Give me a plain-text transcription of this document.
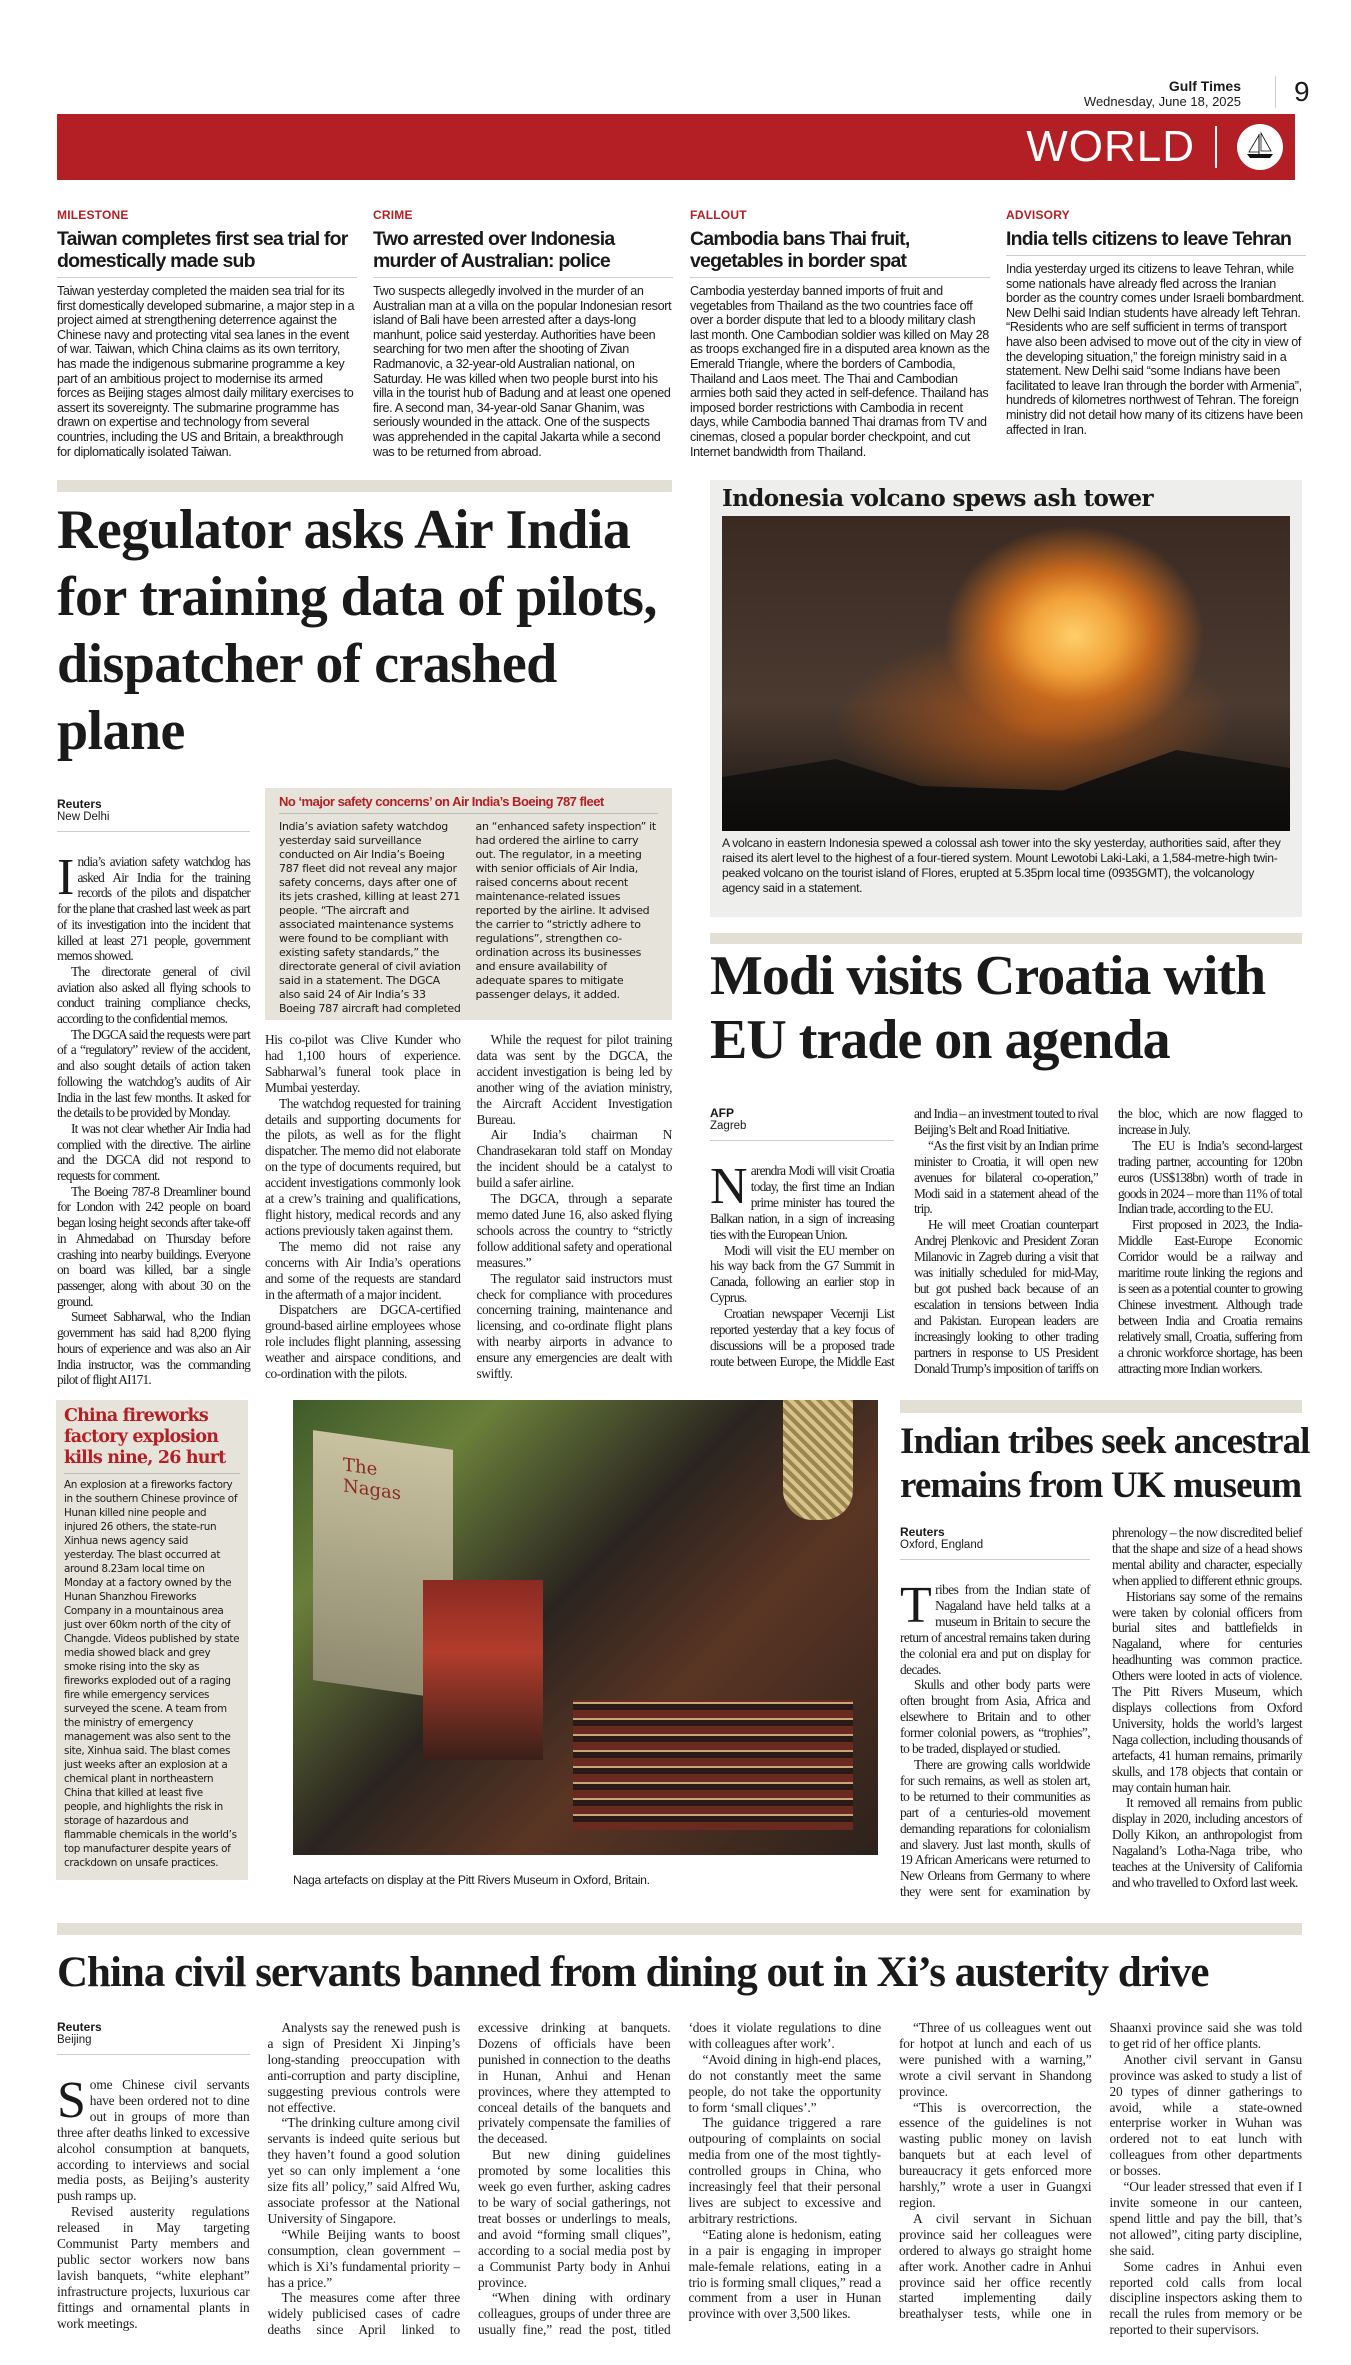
Gulf Times
Wednesday, June 18, 2025	9
WORLD
MILESTONE
Taiwan completes first sea trial for domestically made sub

Taiwan yesterday completed the maiden sea trial for its first domestically developed submarine, a major step in a project aimed at strengthening deterrence against the Chinese navy and protecting vital sea lanes in the event of war. Taiwan, which China claims as its own territory, has made the indigenous submarine programme a key part of an ambitious project to modernise its armed forces as Beijing stages almost daily military exercises to assert its sovereignty. The submarine programme has drawn on expertise and technology from several countries, including the US and Britain, a breakthrough for diplomatically isolated Taiwan.

CRIME
Two arrested over Indonesia murder of Australian: police

Two suspects allegedly involved in the murder of an Australian man at a villa on the popular Indonesian resort island of Bali have been arrested after a days-long manhunt, police said yesterday. Authorities have been searching for two men after the shooting of Zivan Radmanovic, a 32-year-old Australian national, on Saturday. He was killed when two people burst into his villa in the tourist hub of Badung and at least one opened fire. A second man, 34-year-old Sanar Ghanim, was seriously wounded in the attack. One of the suspects was apprehended in the capital Jakarta while a second was to be returned from abroad.

FALLOUT
Cambodia bans Thai fruit, vegetables in border spat

Cambodia yesterday banned imports of fruit and vegetables from Thailand as the two countries face off over a border dispute that led to a bloody military clash last month. One Cambodian soldier was killed on May 28 as troops exchanged fire in a disputed area known as the Emerald Triangle, where the borders of Cambodia, Thailand and Laos meet. The Thai and Cambodian armies both said they acted in self-defence. Thailand has imposed border restrictions with Cambodia in recent days, while Cambodia banned Thai dramas from TV and cinemas, closed a popular border checkpoint, and cut Internet bandwidth from Thailand.

ADVISORY
India tells citizens to leave Tehran

India yesterday urged its citizens to leave Tehran, while some nationals have already fled across the Iranian border as the country comes under Israeli bombardment. New Delhi said Indian students have already left Tehran. “Residents who are self sufficient in terms of transport have also been advised to move out of the city in view of the developing situation,” the foreign ministry said in a statement. New Delhi said “some Indians have been facilitated to leave Iran through the border with Armenia”, hundreds of kilometres northwest of Tehran. The foreign ministry did not detail how many of its citizens have been affected in Iran.

Regulator asks Air India for training data of pilots, dispatcher of crashed plane
Reuters
New Delhi

India’s aviation safety watchdog has asked Air India for the training records of the pilots and dispatcher for the plane that crashed last week as part of its investigation into the incident that killed at least 271 people, government memos showed.

The directorate general of civil aviation also asked all flying schools to conduct training compliance checks, according to the confidential memos.

The DGCA said the requests were part of a “regulatory” review of the accident, and also sought details of action taken following the watchdog’s audits of Air India in the last few months. It asked for the details to be provided by Monday.

It was not clear whether Air India had complied with the directive. The airline and the DGCA did not respond to requests for comment.

The Boeing 787-8 Dreamliner bound for London with 242 people on board began losing height seconds after take-off in Ahmedabad on Thursday before crashing into nearby buildings. Everyone on board was killed, bar a single passenger, along with about 30 on the ground.

Sumeet Sabharwal, who the Indian government has said had 8,200 flying hours of experience and was also an Air India instructor, was the commanding pilot of flight AI171.

No ‘major safety concerns’ on Air India’s Boeing 787 fleet

India’s aviation safety watchdog yesterday said surveillance conducted on Air India’s Boeing 787 fleet did not reveal any major safety concerns, days after one of its jets crashed, killing at least 271 people. “The aircraft and associated maintenance systems were found to be compliant with existing safety standards,” the directorate general of civil aviation said in a statement. The DGCA also said 24 of Air India’s 33 Boeing 787 aircraft had completed an “enhanced safety inspection” it had ordered the airline to carry out. The regulator, in a meeting with senior officials of Air India, raised concerns about recent maintenance-related issues reported by the airline. It advised the carrier to “strictly adhere to regulations”, strengthen co-ordination across its businesses and ensure availability of adequate spares to mitigate passenger delays, it added.

His co-pilot was Clive Kunder who had 1,100 hours of experience. Sabharwal’s funeral took place in Mumbai yesterday.

The watchdog requested for training details and supporting documents for the pilots, as well as for the flight dispatcher. The memo did not elaborate on the type of documents required, but accident investigations commonly look at a crew’s training and qualifications, flight history, medical records and any actions previously taken against them.

The memo did not raise any concerns with Air India’s operations and some of the requests are standard in the aftermath of a major incident.

Dispatchers are DGCA-certified ground-based airline employees whose role includes flight planning, assessing weather and airspace conditions, and co-ordination with the pilots.

While the request for pilot training data was sent by the DGCA, the accident investigation is being led by another wing of the aviation ministry, the Aircraft Accident Investigation Bureau.

Air India’s chairman N Chandrasekaran told staff on Monday the incident should be a catalyst to build a safer airline.

The DGCA, through a separate memo dated June 16, also asked flying schools across the country to “strictly follow additional safety and operational measures.”

The regulator said instructors must check for compliance with procedures concerning training, maintenance and licensing, and co-ordinate flight plans with nearby airports in advance to ensure any emergencies are dealt with swiftly.

Indonesia volcano spews ash tower
A volcano in eastern Indonesia spewed a colossal ash tower into the sky yesterday, authorities said, after they raised its alert level to the highest of a four-tiered system. Mount Lewotobi Laki-Laki, a 1,584-metre-high twin-peaked volcano on the tourist island of Flores, erupted at 5.35pm local time (0935GMT), the volcanology agency said in a statement.
Modi visits Croatia with EU trade on agenda
AFP
Zagreb

Narendra Modi will visit Croatia today, the first time an Indian prime minister has toured the Balkan nation, in a sign of increasing ties with the European Union.

Modi will visit the EU member on his way back from the G7 Summit in Canada, following an earlier stop in Cyprus.

Croatian newspaper Vecernji List reported yesterday that a key focus of discussions will be a proposed trade route between Europe, the Middle East and India – an investment touted to rival Beijing’s Belt and Road Initiative.

“As the first visit by an Indian prime minister to Croatia, it will open new avenues for bilateral co-operation,” Modi said in a statement ahead of the trip.

He will meet Croatian counterpart Andrej Plenkovic and President Zoran Milanovic in Zagreb during a visit that was initially scheduled for mid-May, but got pushed back because of an escalation in tensions between India and Pakistan. European leaders are increasingly looking to other trading partners in response to US President Donald Trump’s imposition of tariffs on the bloc, which are now flagged to increase in July.

The EU is India’s second-largest trading partner, accounting for 120bn euros (US$138bn) worth of trade in goods in 2024 – more than 11% of total Indian trade, according to the EU.

First proposed in 2023, the India-Middle East-Europe Economic Corridor would be a railway and maritime route linking the regions and is seen as a potential counter to growing Chinese investment. Although trade between India and Croatia remains relatively small, Croatia, suffering from a chronic workforce shortage, has been attracting more Indian workers.

China fireworks factory explosion kills nine, 26 hurt

An explosion at a fireworks factory in the southern Chinese province of Hunan killed nine people and injured 26 others, the state-run Xinhua news agency said yesterday. The blast occurred at around 8.23am local time on Monday at a factory owned by the Hunan Shanzhou Fireworks Company in a mountainous area just over 60km north of the city of Changde. Videos published by state media showed black and grey smoke rising into the sky as fireworks exploded out of a raging fire while emergency services surveyed the scene. A team from the ministry of emergency management was also sent to the site, Xinhua said. The blast comes just weeks after an explosion at a chemical plant in northeastern China that killed at least five people, and highlights the risk in storage of hazardous and flammable chemicals in the world’s top manufacturer despite years of crackdown on unsafe practices.

The Nagas
Naga artefacts on display at the Pitt Rivers Museum in Oxford, Britain.
Indian tribes seek ancestral remains from UK museum
Reuters
Oxford, England

Tribes from the Indian state of Nagaland have held talks at a museum in Britain to secure the return of ancestral remains taken during the colonial era and put on display for decades.

Skulls and other body parts were often brought from Asia, Africa and elsewhere to Britain and to other former colonial powers, as “trophies”, to be traded, displayed or studied.

There are growing calls worldwide for such remains, as well as stolen art, to be returned to their communities as part of a centuries-old movement demanding reparations for colonialism and slavery. Just last month, skulls of 19 African Americans were returned to New Orleans from Germany to where they were sent for examination by phrenology – the now discredited belief that the shape and size of a head shows mental ability and character, especially when applied to different ethnic groups.

Historians say some of the remains were taken by colonial officers from burial sites and battlefields in Nagaland, where for centuries headhunting was common practice. Others were looted in acts of violence. The Pitt Rivers Museum, which displays collections from Oxford University, holds the world’s largest Naga collection, including thousands of artefacts, 41 human remains, primarily skulls, and 178 objects that contain or may contain human hair.

It removed all remains from public display in 2020, including ancestors of Dolly Kikon, an anthropologist from Nagaland’s Lotha-Naga tribe, who teaches at the University of California and who travelled to Oxford last week.

China civil servants banned from dining out in Xi’s austerity drive
Reuters
Beijing

Some Chinese civil servants have been ordered not to dine out in groups of more than three after deaths linked to excessive alcohol consumption at banquets, according to interviews and social media posts, as Beijing’s austerity push ramps up.

Revised austerity regulations released in May targeting Communist Party members and public sector workers now bans lavish banquets, “white elephant” infrastructure projects, luxurious car fittings and ornamental plants in work meetings.

Analysts say the renewed push is a sign of President Xi Jinping’s long-standing preoccupation with anti-corruption and party discipline, suggesting previous controls were not effective.

“The drinking culture among civil servants is indeed quite serious but they haven’t found a good solution yet so can only implement a ‘one size fits all’ policy,” said Alfred Wu, associate professor at the National University of Singapore.

“While Beijing wants to boost consumption, clean government – which is Xi’s fundamental priority – has a price.”

The measures come after three widely publicised cases of cadre deaths since April linked to excessive drinking at banquets. Dozens of officials have been punished in connection to the deaths in Hunan, Anhui and Henan provinces, where they attempted to conceal details of the banquets and privately compensate the families of the deceased.

But new dining guidelines promoted by some localities this week go even further, asking cadres to be wary of social gatherings, not treat bosses or underlings to meals, and avoid “forming small cliques”, according to a social media post by a Communist Party body in Anhui province.

“When dining with ordinary colleagues, groups of under three are usually fine,” read the post, titled ‘does it violate regulations to dine with colleagues after work’.

“Avoid dining in high-end places, do not constantly meet the same people, do not take the opportunity to form ‘small cliques’.”

The guidance triggered a rare outpouring of complaints on social media from one of the most tightly-controlled groups in China, who increasingly feel that their personal lives are subject to excessive and arbitrary restrictions.

“Eating alone is hedonism, eating in a pair is engaging in improper male-female relations, eating in a trio is forming small cliques,” read a comment from a user in Hunan province with over 3,500 likes.

“Three of us colleagues went out for hotpot at lunch and each of us were punished with a warning,” wrote a civil servant in Shandong province.

“This is overcorrection, the essence of the guidelines is not wasting public money on lavish banquets but at each level of bureaucracy it gets enforced more harshly,” wrote a user in Guangxi region.

A civil servant in Sichuan province said her colleagues were ordered to always go straight home after work. Another cadre in Anhui province said her office recently started implementing daily breathalyser tests, while one in Shaanxi province said she was told to get rid of her office plants.

Another civil servant in Gansu province was asked to study a list of 20 types of dinner gatherings to avoid, while a state-owned enterprise worker in Wuhan was ordered not to eat lunch with colleagues from other departments or bosses.

“Our leader stressed that even if I invite someone in our canteen, spend little and pay the bill, that’s not allowed”, citing party discipline, she said.

Some cadres in Anhui even reported cold calls from local discipline inspectors asking them to recall the rules from memory or be reported to their supervisors.
